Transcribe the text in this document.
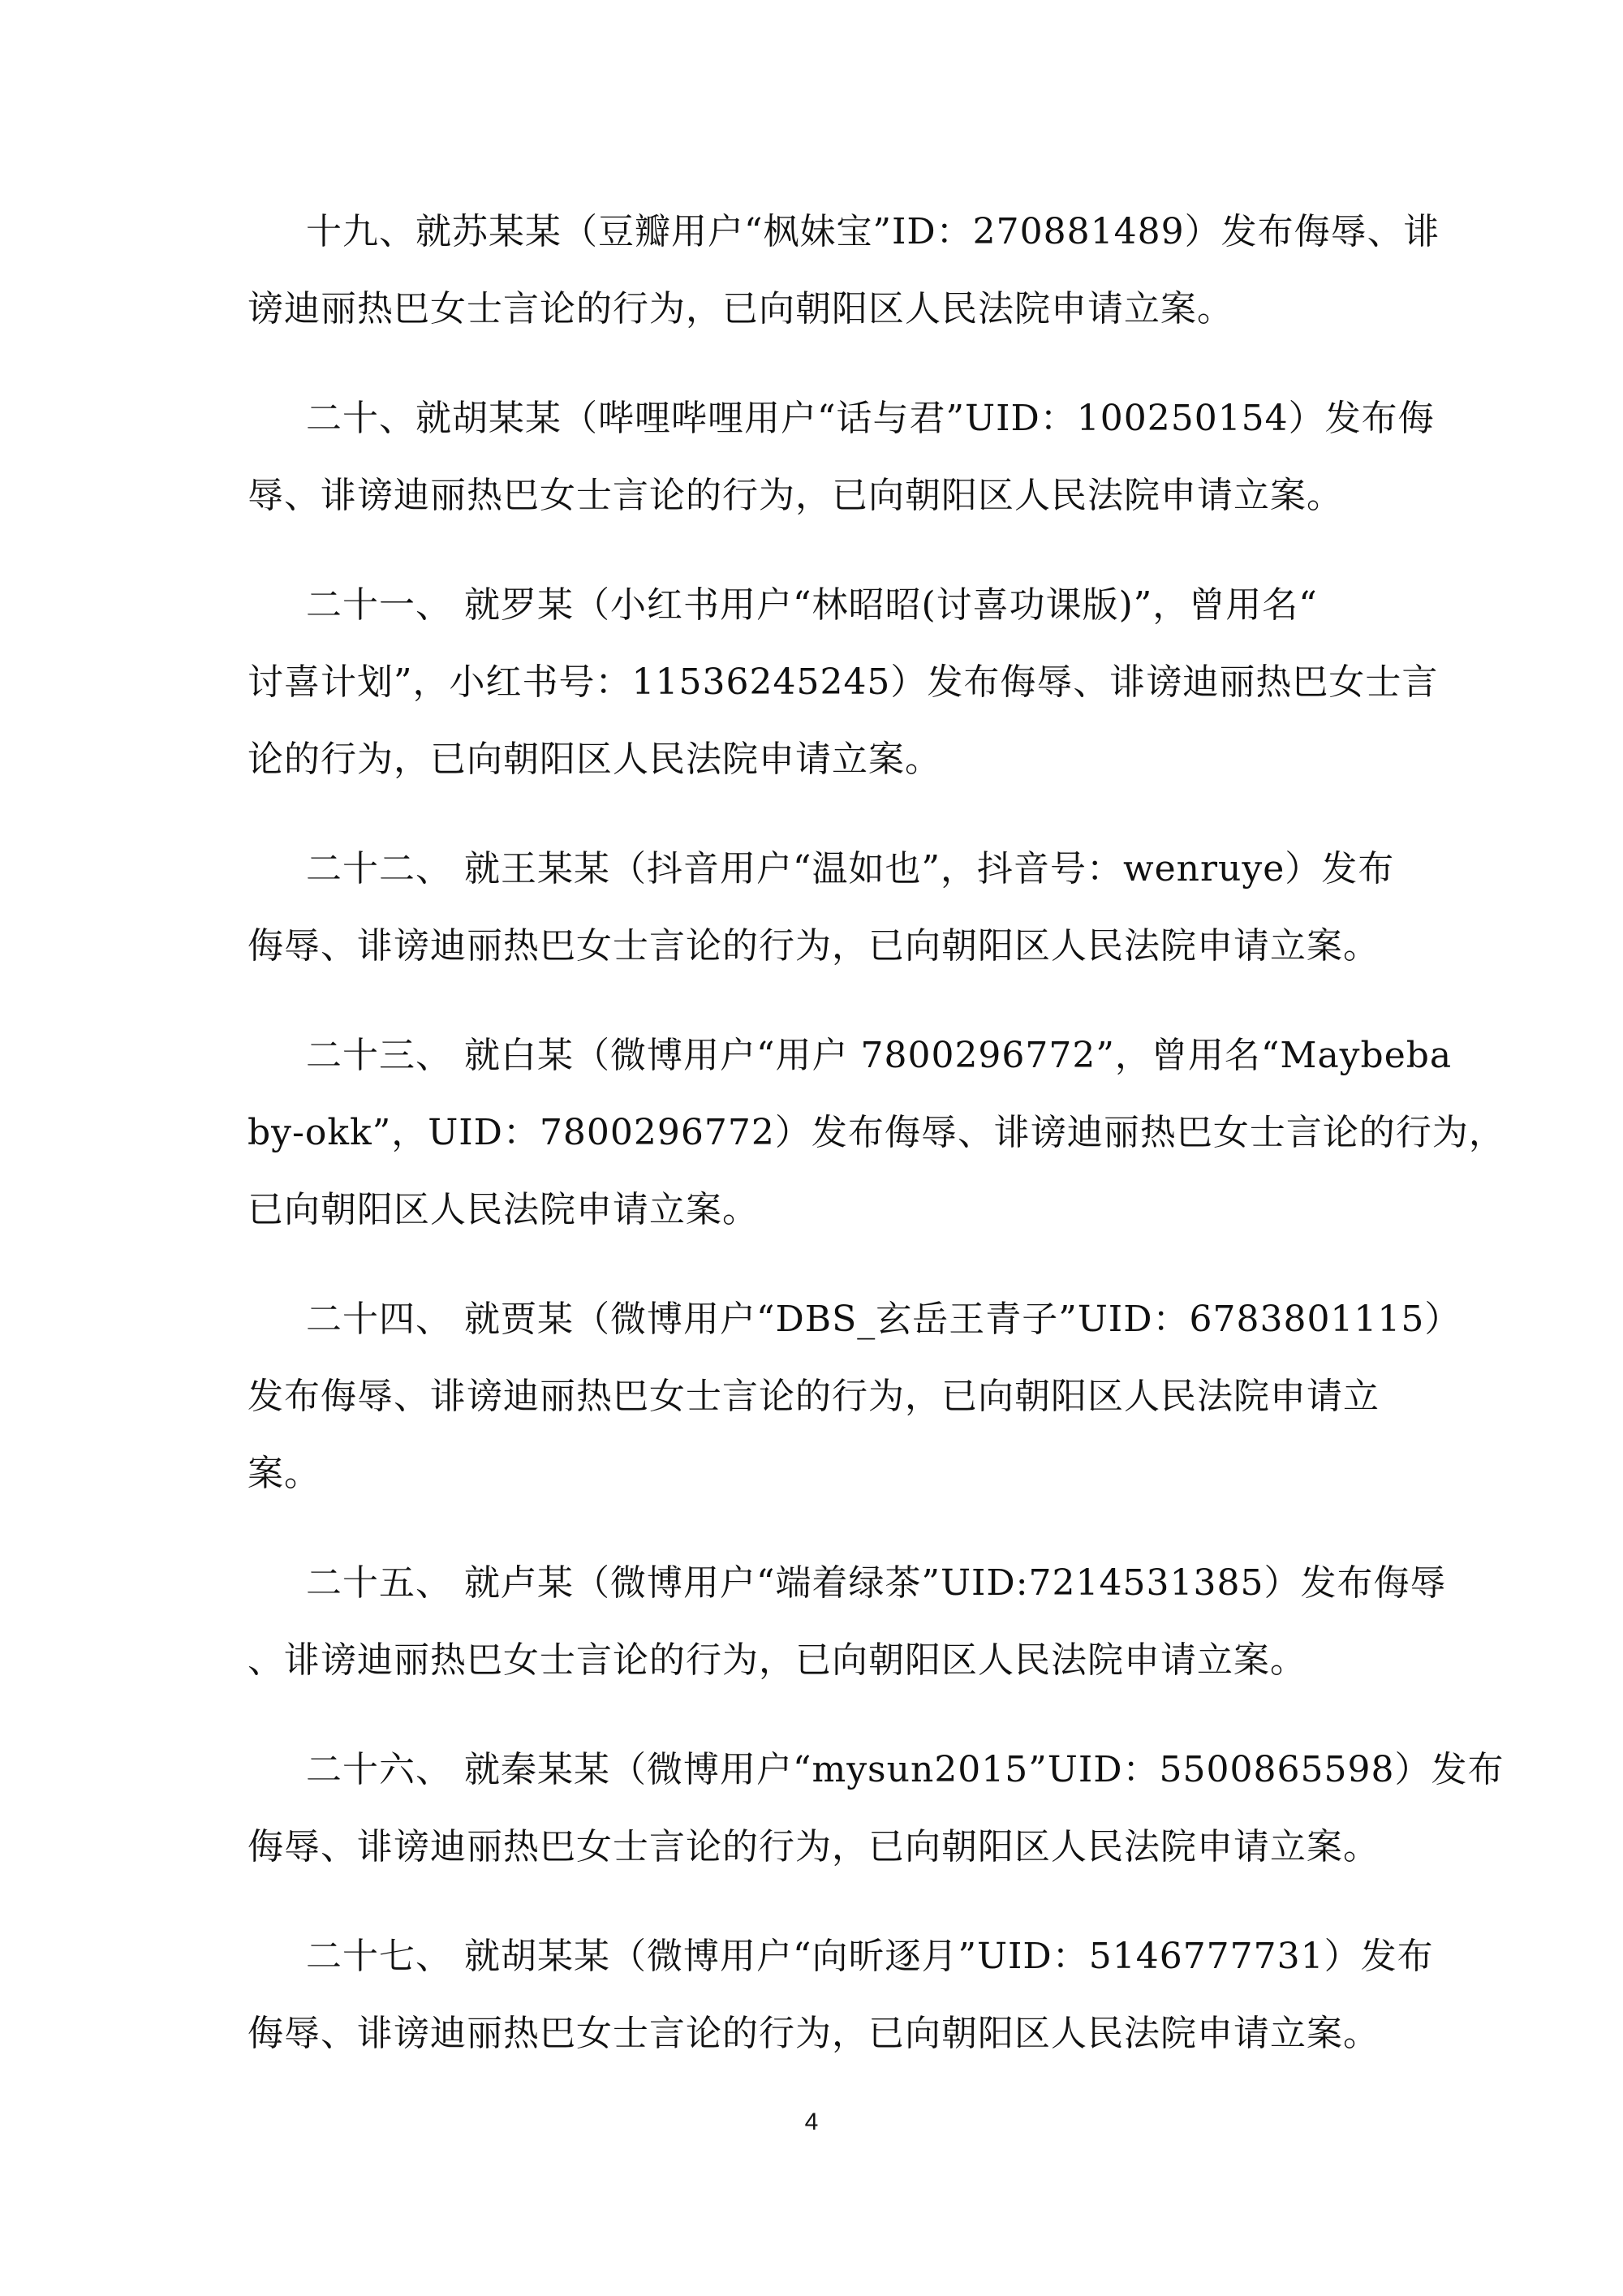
十九、就苏某某（豆瓣用户“枫妹宝”ID：270881489）发布侮辱、诽
谤迪丽热巴女士言论的行为，已向朝阳区人民法院申请立案。
二十、就胡某某（哔哩哔哩用户“话与君”UID：100250154）发布侮
辱、诽谤迪丽热巴女士言论的行为，已向朝阳区人民法院申请立案。
二十一、 就罗某（小红书用户“林昭昭(讨喜功课版)”，曾用名“
讨喜计划”，小红书号：11536245245）发布侮辱、诽谤迪丽热巴女士言
论的行为，已向朝阳区人民法院申请立案。
二十二、 就王某某（抖音用户“温如也”，抖音号：wenruye）发布
侮辱、诽谤迪丽热巴女士言论的行为，已向朝阳区人民法院申请立案。
二十三、 就白某（微博用户“用户 7800296772”，曾用名“Maybeba
by-okk”，UID：7800296772）发布侮辱、诽谤迪丽热巴女士言论的行为，
已向朝阳区人民法院申请立案。
二十四、 就贾某（微博用户“DBS_玄岳王青子”UID：6783801115）
发布侮辱、诽谤迪丽热巴女士言论的行为，已向朝阳区人民法院申请立
案。
二十五、 就卢某（微博用户“端着绿茶”UID:7214531385）发布侮辱
、诽谤迪丽热巴女士言论的行为，已向朝阳区人民法院申请立案。
二十六、 就秦某某（微博用户“mysun2015”UID：5500865598）发布
侮辱、诽谤迪丽热巴女士言论的行为，已向朝阳区人民法院申请立案。
二十七、 就胡某某（微博用户“向昕逐月”UID：5146777731）发布
侮辱、诽谤迪丽热巴女士言论的行为，已向朝阳区人民法院申请立案。
4
